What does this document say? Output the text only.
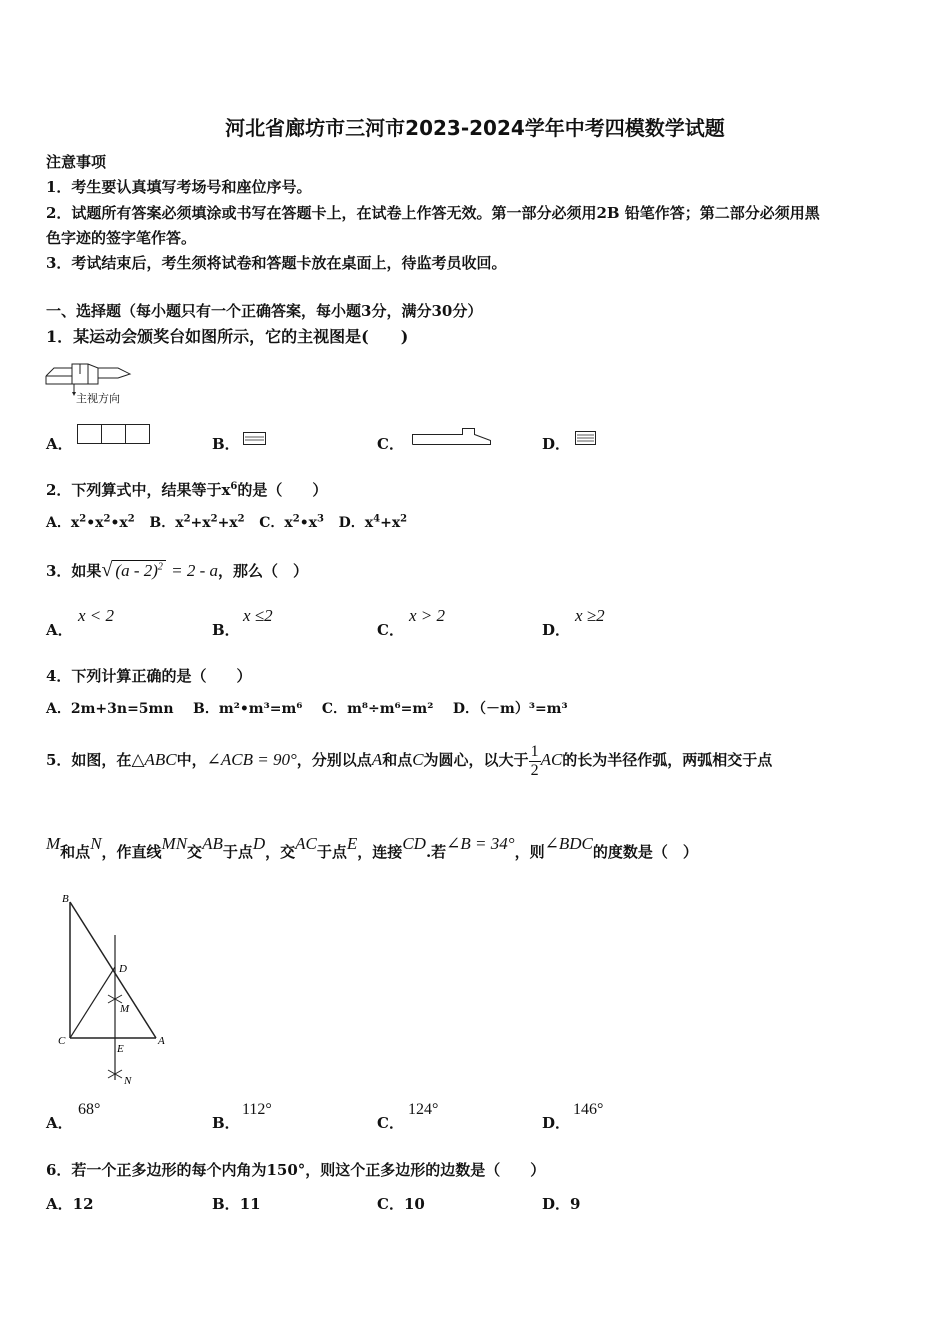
河北省廊坊市三河市2023-2024学年中考四模数学试题
注意事项
1．考生要认真填写考场号和座位序号。
2．试题所有答案必须填涂或书写在答题卡上，在试卷上作答无效。第一部分必须用2B 铅笔作答；第二部分必须用黑
色字迹的签字笔作答。
3．考试结束后，考生须将试卷和答题卡放在桌面上，待监考员收回。
一、选择题（每小题只有一个正确答案，每小题3分，满分30分）
1．某运动会颁奖台如图所示，它的主视图是(　　)
主视方向
A．	B．	C．	D．
2．下列算式中，结果等于$x^6$的是（　　）
A．$x^2•x^2•x^2$ B．$x^2+x^2+x^2$ C．$x^2•x^3$ D．$x^4+x^2$
3．如果√ (a - 2)$^2$ = 2 - a，那么（　）
A．
x < 2
B．
x ≤2
C．
x > 2
D．
x ≥2
4．下列计算正确的是（　　）
A．2m+3n=5mn B．m²•m³=m⁶ C．m⁸÷m⁶=m² D．（－m）³=m³
5．如图，在△ABC中，∠ACB = 90°，分别以点A和点C为圆心，以大于 $\frac{1}{2}$ AC的长为半径作弧，两弧相交于点
M和点N，作直线MN交AB于点D，交AC于点E，连接CD.若∠B = 34°，则∠BDC的度数是（　）
B
C	A
D
M
E
N
A．
68°
B．
112°
C．
124°
D．
146°
6．若一个正多边形的每个内角为150°，则这个正多边形的边数是（　　）
A．12	B．11	C．10	D．9
